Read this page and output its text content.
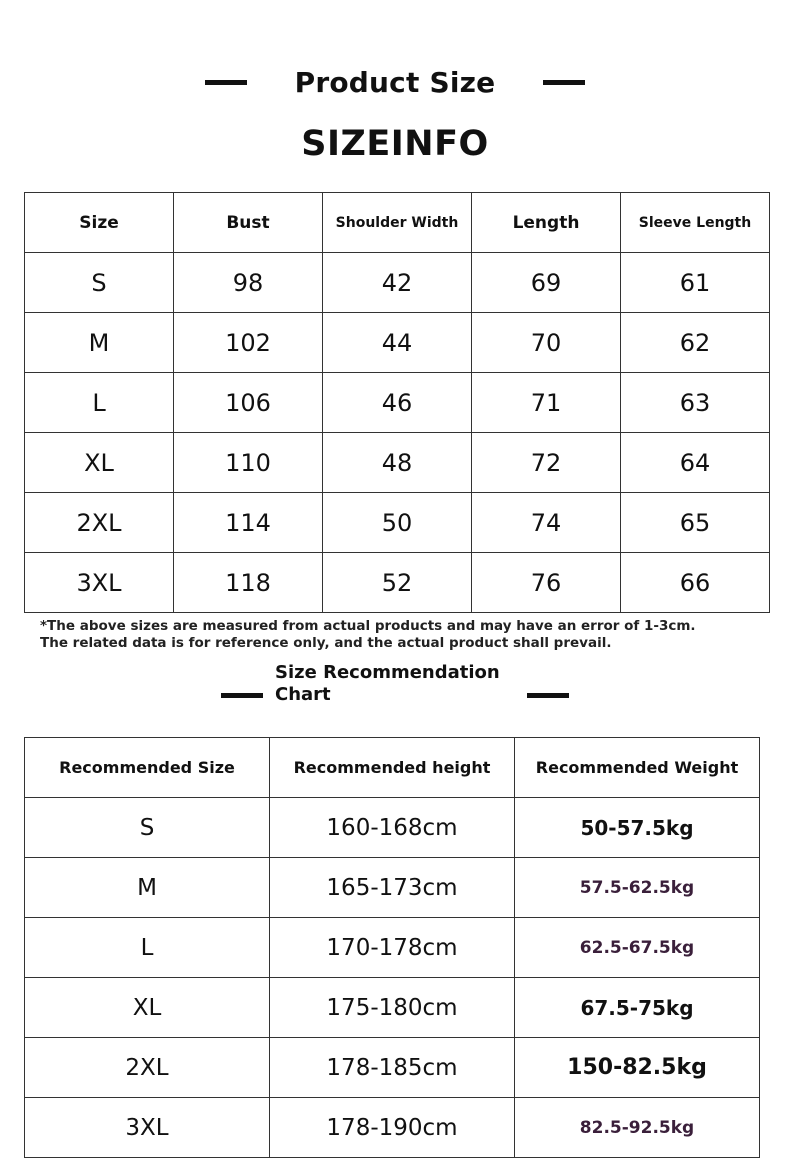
Product Size
SIZEINFO
Size	Bust	Shoulder Width	Length	Sleeve Length
S	98	42	69	61
M	102	44	70	62
L	106	46	71	63
XL	110	48	72	64
2XL	114	50	74	65
3XL	118	52	76	66
*The above sizes are measured from actual products and may have an error of 1-3cm.
The related data is for reference only, and the actual product shall prevail.
Size Recommendation Chart
Recommended Size	Recommended height	Recommended Weight
S	160-168cm	50-57.5kg
M	165-173cm	57.5-62.5kg
L	170-178cm	62.5-67.5kg
XL	175-180cm	67.5-75kg
2XL	178-185cm	150-82.5kg
3XL	178-190cm	82.5-92.5kg
